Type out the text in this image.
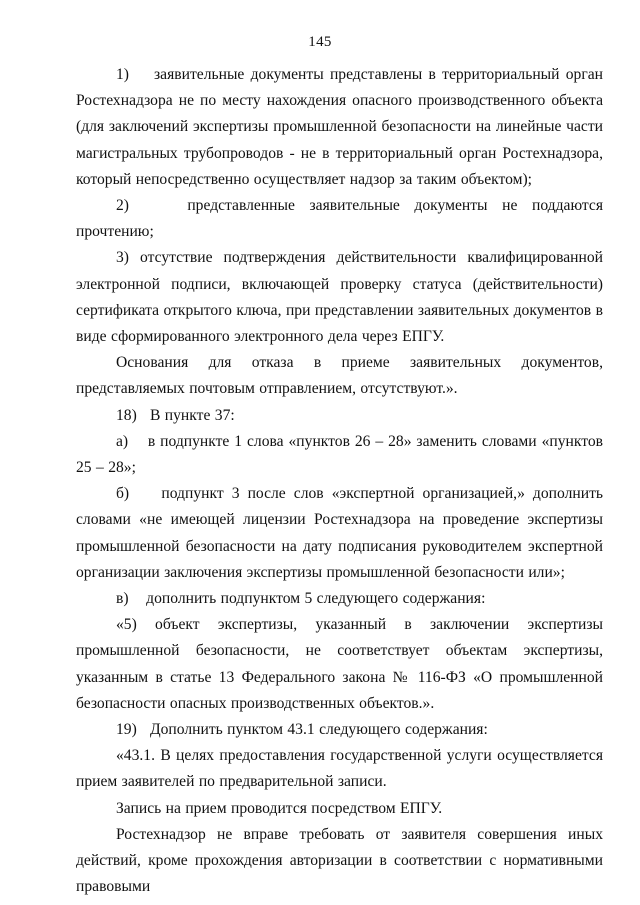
145

1)    заявительные документы представлены в территориальный орган Ростехнадзора не по месту нахождения опасного производственного объекта (для заключений экспертизы промышленной безопасности на линейные части магистральных трубопроводов - не в территориальный орган Ростехнадзора, который непосредственно осуществляет надзор за таким объектом);

2)    представленные заявительные документы не поддаются прочтению;

3) отсутствие подтверждения действительности квалифицированной электронной подписи, включающей проверку статуса (действительности) сертификата открытого ключа, при представлении заявительных документов в виде сформированного электронного дела через ЕПГУ.

Основания для отказа в приеме заявительных документов, представляемых почтовым отправлением, отсутствуют.».

18)   В пункте 37:

а)    в подпункте 1 слова «пунктов 26 – 28» заменить словами «пунктов 25 – 28»;

б)    подпункт 3 после слов «экспертной организацией,» дополнить словами «не имеющей лицензии Ростехнадзора на проведение экспертизы промышленной безопасности на дату подписания руководителем экспертной организации заключения экспертизы промышленной безопасности или»;

в)    дополнить подпунктом 5 следующего содержания:

«5)   объект   экспертизы,   указанный   в   заключении   экспертизы промышленной безопасности, не соответствует объектам экспертизы, указанным в статье 13 Федерального закона № 116-ФЗ «О промышленной безопасности опасных производственных объектов.».

19)   Дополнить пунктом 43.1 следующего содержания:

«43.1. В целях предоставления государственной услуги осуществляется прием заявителей по предварительной записи.

Запись на прием проводится посредством ЕПГУ.

Ростехнадзор не вправе требовать от заявителя совершения иных действий, кроме прохождения авторизации в соответствии с нормативными правовыми
